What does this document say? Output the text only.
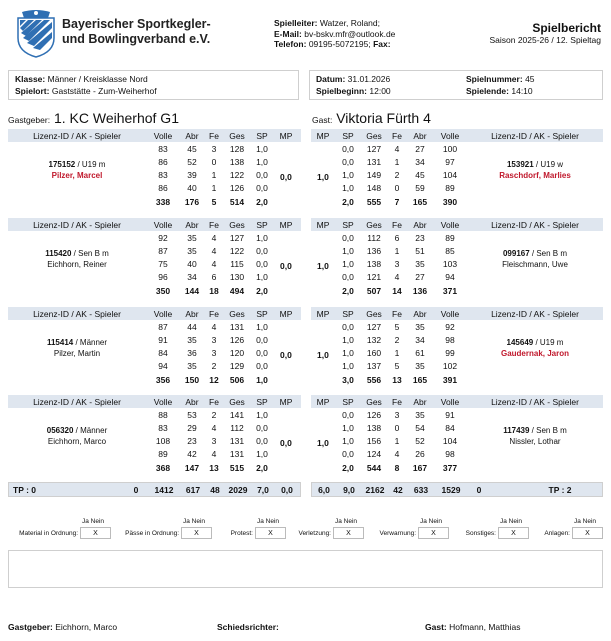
Bayerischer Sportkegler-
und Bowlingverband e.V.
Spielleiter: Watzer, Roland;
E-Mail: bv-bskv.mfr@outlook.de
Telefon: 09195-5072195; Fax:
Spielbericht
Saison 2025-26 / 12. Spieltag
Klasse: Männer / Kreisklasse Nord
Spielort: Gaststätte - Zum-Weiherhof
Datum: 31.01.2026
Spielbeginn: 12:00
Spielnummer: 45
Spielende: 14:10
Gastgeber: 1. KC Weiherhof G1	Gast: Viktoria Fürth 4
Lizenz-ID / AK - Spieler	Volle	Abr	Fe	Ges	SP	MP
175152 / U19 m
Pilzer, Marcel	0,0
83	45	3	128	1,0
86	52	0	138	1,0
83	39	1	122	0,0
86	40	1	126	0,0
338	176	5	514	2,0
MP	SP	Ges	Fe	Abr	Volle	Lizenz-ID / AK - Spieler
153921 / U19 w
Raschdorf, Marlies
1,0
0,0	127	4	27	100
0,0	131	1	34	97
1,0	149	2	45	104
1,0	148	0	59	89
2,0	555	7	165	390
Lizenz-ID / AK - Spieler	Volle	Abr	Fe	Ges	SP	MP
115420 / Sen B m
Eichhorn, Reiner	0,0
92	35	4	127	1,0
87	35	4	122	0,0
75	40	4	115	0,0
96	34	6	130	1,0
350	144	18	494	2,0
MP	SP	Ges	Fe	Abr	Volle	Lizenz-ID / AK - Spieler
099167 / Sen B m
Fleischmann, Uwe
1,0
0,0	112	6	23	89
1,0	136	1	51	85
1,0	138	3	35	103
0,0	121	4	27	94
2,0	507	14	136	371
Lizenz-ID / AK - Spieler	Volle	Abr	Fe	Ges	SP	MP
115414 / Männer
Pilzer, Martin	0,0
87	44	4	131	1,0
91	35	3	126	0,0
84	36	3	120	0,0
94	35	2	129	0,0
356	150	12	506	1,0
MP	SP	Ges	Fe	Abr	Volle	Lizenz-ID / AK - Spieler
145649 / U19 m
Gaudernak, Jaron
1,0
0,0	127	5	35	92
1,0	132	2	34	98
1,0	160	1	61	99
1,0	137	5	35	102
3,0	556	13	165	391
Lizenz-ID / AK - Spieler	Volle	Abr	Fe	Ges	SP	MP
056320 / Männer
Eichhorn, Marco	0,0
88	53	2	141	1,0
83	29	4	112	0,0
108	23	3	131	0,0
89	42	4	131	1,0
368	147	13	515	2,0
MP	SP	Ges	Fe	Abr	Volle	Lizenz-ID / AK - Spieler
117439 / Sen B m
Nissler, Lothar
1,0
0,0	126	3	35	91
1,0	138	0	54	84
1,0	156	1	52	104
0,0	124	4	26	98
2,0	544	8	167	377
TP : 0	0	1412	617	48	2029	7,0	0,0	6,0	9,0	2162	42	633	1529	0	TP : 2
Ja Nein
Material in Ordnung:	X
Ja Nein
Pässe in Ordnung:	X
Ja Nein
Protest:	X
Ja Nein
Verletzung:	X
Ja Nein
Verwarnung:	X
Ja Nein
Sonstiges:	X
Ja Nein
Anlagen:	X
Gastgeber: Eichhorn, Marco	Schiedsrichter:	Gast: Hofmann, Matthias
